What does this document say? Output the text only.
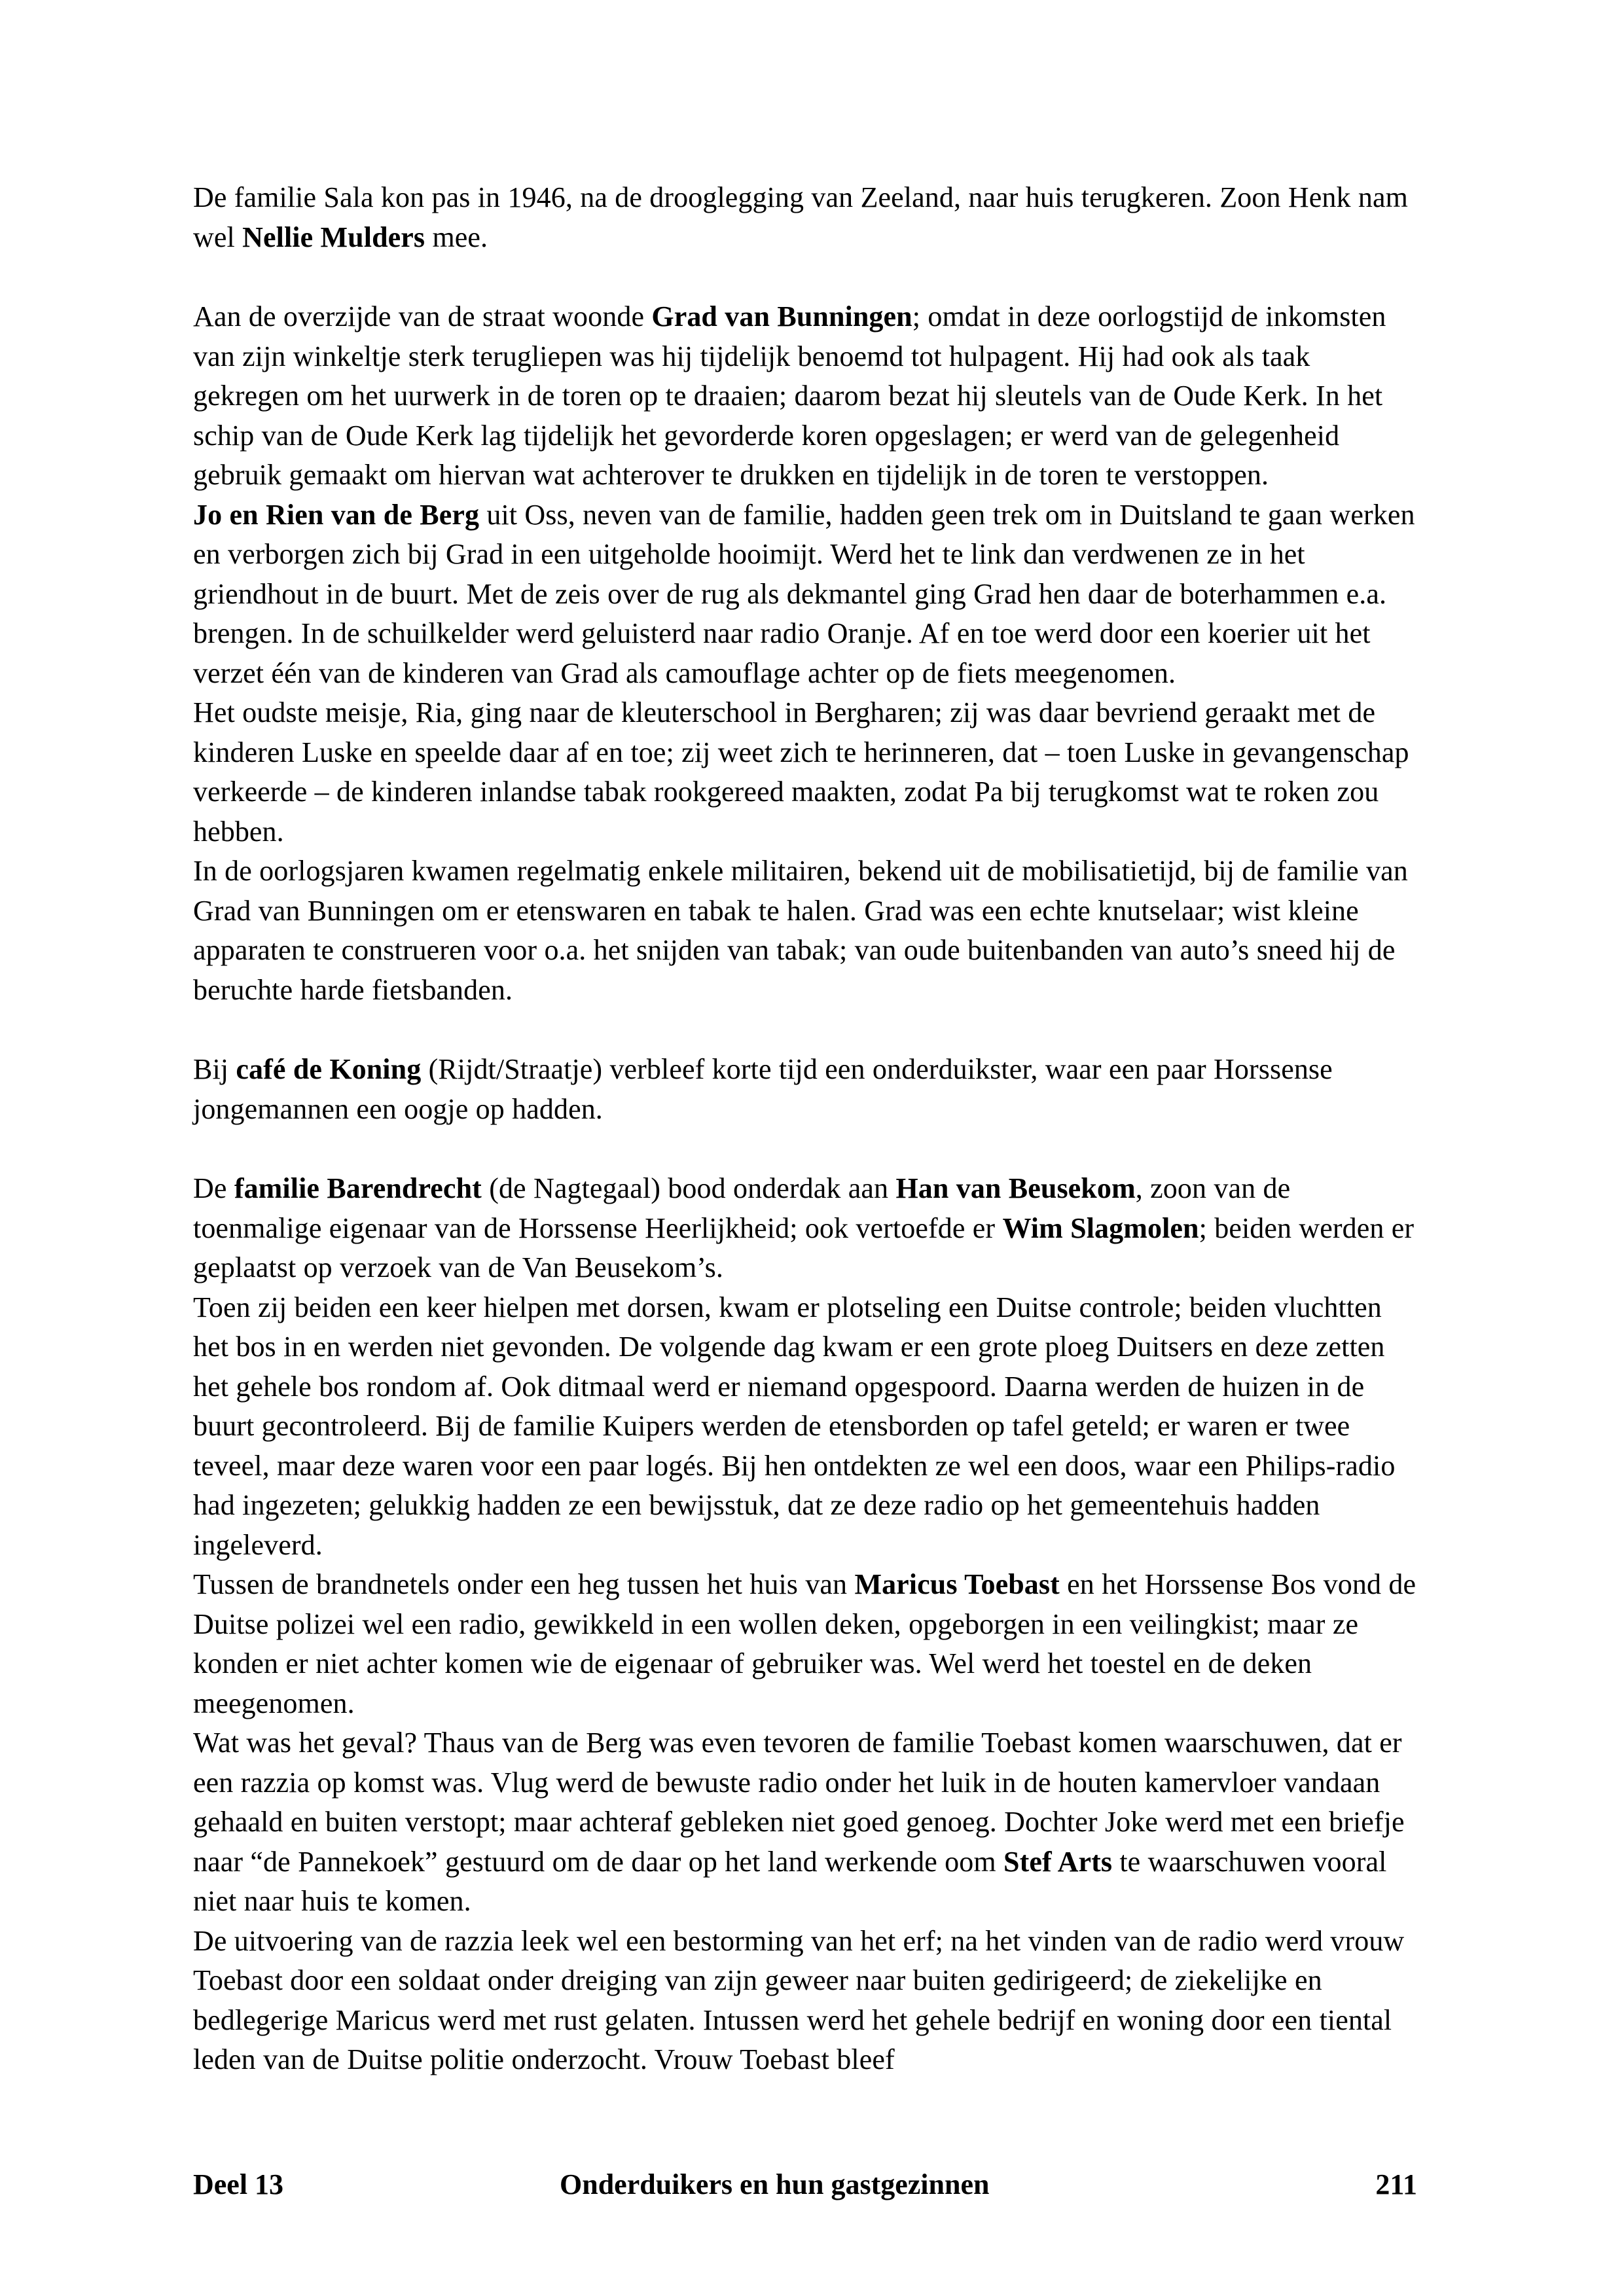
De familie Sala kon pas in 1946, na de drooglegging van Zeeland, naar huis terugkeren. Zoon Henk nam wel Nellie Mulders mee.

Aan de overzijde van de straat woonde Grad van Bunningen; omdat in deze oorlogstijd de inkomsten van zijn winkeltje sterk terugliepen was hij tijdelijk benoemd tot hulpagent. Hij had ook als taak gekregen om het uurwerk in de toren op te draaien; daarom bezat hij sleutels van de Oude Kerk. In het schip van de Oude Kerk lag tijdelijk het gevorderde koren opgeslagen; er werd van de gelegenheid gebruik gemaakt om hiervan wat achterover te drukken en tijdelijk in de toren te verstoppen.

Jo en Rien van de Berg uit Oss, neven van de familie, hadden geen trek om in Duitsland te gaan werken en verborgen zich bij Grad in een uitgeholde hooimijt. Werd het te link dan verdwenen ze in het griendhout in de buurt. Met de zeis over de rug als dekmantel ging Grad hen daar de boterhammen e.a. brengen. In de schuilkelder werd geluisterd naar radio Oranje. Af en toe werd door een koerier uit het verzet één van de kinderen van Grad als camouflage achter op de fiets meegenomen.

Het oudste meisje, Ria, ging naar de kleuterschool in Bergharen; zij was daar bevriend geraakt met de kinderen Luske en speelde daar af en toe; zij weet zich te herinneren, dat – toen Luske in gevangenschap verkeerde – de kinderen inlandse tabak rookgereed maakten, zodat Pa bij terugkomst wat te roken zou hebben.

In de oorlogsjaren kwamen regelmatig enkele militairen, bekend uit de mobilisatietijd, bij de familie van Grad van Bunningen om er etenswaren en tabak te halen. Grad was een echte knutselaar; wist kleine apparaten te construeren voor o.a. het snijden van tabak; van oude buitenbanden van auto’s sneed hij de beruchte harde fietsbanden.

Bij café de Koning (Rijdt/Straatje) verbleef korte tijd een onderduikster, waar een paar Horssense jongemannen een oogje op hadden.

De familie Barendrecht (de Nagtegaal) bood onderdak aan Han van Beusekom, zoon van de toenmalige eigenaar van de Horssense Heerlijkheid; ook vertoefde er Wim Slagmolen; beiden werden er geplaatst op verzoek van de Van Beusekom’s.

Toen zij beiden een keer hielpen met dorsen, kwam er plotseling een Duitse controle; beiden vluchtten het bos in en werden niet gevonden. De volgende dag kwam er een grote ploeg Duitsers en deze zetten het gehele bos rondom af. Ook ditmaal werd er niemand opgespoord. Daarna werden de huizen in de buurt gecontroleerd. Bij de familie Kuipers werden de etensborden op tafel geteld; er waren er twee teveel, maar deze waren voor een paar logés. Bij hen ontdekten ze wel een doos, waar een Philips-radio had ingezeten; gelukkig hadden ze een bewijsstuk, dat ze deze radio op het gemeentehuis hadden ingeleverd.

Tussen de brandnetels onder een heg tussen het huis van Maricus Toebast en het Horssense Bos vond de Duitse polizei wel een radio, gewikkeld in een wollen deken, opgeborgen in een veilingkist; maar ze konden er niet achter komen wie de eigenaar of gebruiker was. Wel werd het toestel en de deken meegenomen.

Wat was het geval? Thaus van de Berg was even tevoren de familie Toebast komen waarschuwen, dat er een razzia op komst was. Vlug werd de bewuste radio onder het luik in de houten kamervloer vandaan gehaald en buiten verstopt; maar achteraf gebleken niet goed genoeg. Dochter Joke werd met een briefje naar “de Pannekoek” gestuurd om de daar op het land werkende oom Stef Arts te waarschuwen vooral niet naar huis te komen.

De uitvoering van de razzia leek wel een bestorming van het erf; na het vinden van de radio werd vrouw Toebast door een soldaat onder dreiging van zijn geweer naar buiten gedirigeerd; de ziekelijke en bedlegerige Maricus werd met rust gelaten. Intussen werd het gehele bedrijf en woning door een tiental leden van de Duitse politie onderzocht. Vrouw Toebast bleef

Deel 13	Onderduikers en hun gastgezinnen	211
